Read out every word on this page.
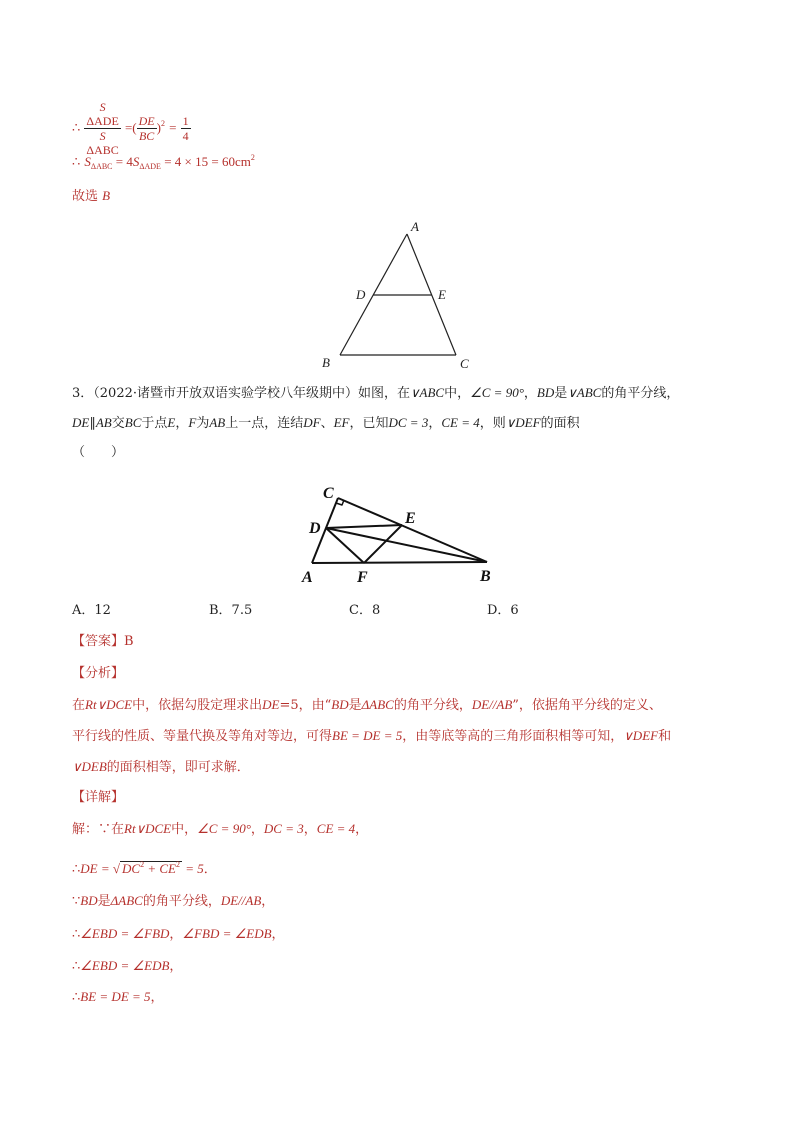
∴ S
ΔADE
S
ΔABC =( $\frac{DE}{BC} )^2 = \frac{1}{4}$
∴ $S_{\Delta ABC} = 4S_{\Delta ADE} = 4 \times 15 = 60cm^2$
故选 B
A
D	E
B	C
3．（2022·诸暨市开放双语实验学校八年级期中）如图，在∨ABC中，∠C = 90°，BD是∨ABC的角平分线，
DE∥AB交BC于点E，F为AB上一点，连结DF、EF，已知DC = 3，CE = 4，则∨DEF的面积
（　　）
C
D
E
A	F	B
A．12	B．7.5	C．8	D．6
【答案】B
【分析】
在Rt∨DCE中，依据勾股定理求出DE=5，由“BD是ΔABC的角平分线，DE//AB”，依据角平分线的定义、
平行线的性质、等量代换及等角对等边，可得BE = DE = 5，由等底等高的三角形面积相等可知，∨DEF和
∨DEB的面积相等，即可求解．
【详解】
解：∵在Rt∨DCE中，∠C = 90°，DC = 3，CE = 4，
∴DE = √ $DC^2 + CE^2 = 5$．
∵BD是ΔABC的角平分线，DE//AB，
∴∠EBD = ∠FBD，∠FBD = ∠EDB，
∴∠EBD = ∠EDB，
∴BE = DE = 5，
